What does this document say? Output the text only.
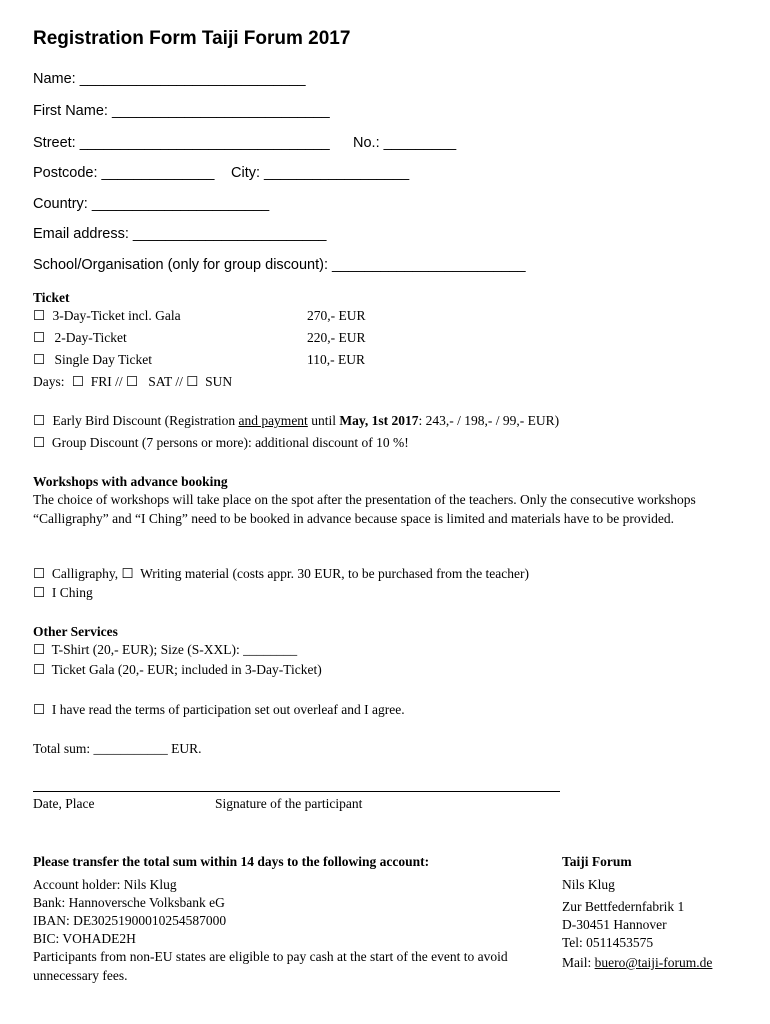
Registration Form Taiji Forum 2017
Name: ____________________________
First Name: ___________________________
Street: _______________________________ No.: _________
Postcode: ______________ City: __________________
Country: ______________________
Email address: ________________________
School/Organisation (only for group discount): ________________________
Ticket
☐ 3-Day-Ticket incl. Gala	270,- EUR
☐ 2-Day-Ticket	220,- EUR
☐ Single Day Ticket	110,- EUR
Days: ☐  FRI // ☐   SAT // ☐  SUN
☐ Early Bird Discount (Registration and payment until May, 1st 2017: 243,- / 198,- / 99,- EUR)
☐  Group Discount (7 persons or more): additional discount of 10 %!
Workshops with advance booking
The choice of workshops will take place on the spot after the presentation of the teachers. Only the consecutive workshops “Calligraphy” and “I Ching” need to be booked in advance because space is limited and materials have to be provided.
☐  Calligraphy, ☐  Writing material (costs appr. 30 EUR, to be purchased from the teacher)
☐  I Ching
Other Services
☐  T-Shirt (20,- EUR); Size (S-XXL): ________
☐  Ticket Gala (20,- EUR; included in 3-Day-Ticket)
☐  I have read the terms of participation set out overleaf and I agree.
Total sum: ___________ EUR.
Date, Place	Signature of the participant
Please transfer the total sum within 14 days to the following account:
Account holder: Nils Klug
Bank: Hannoversche Volksbank eG
IBAN: DE30251900010254587000
BIC: VOHADE2H
Participants from non-EU states are eligible to pay cash at the start of the event to avoid unnecessary fees.
Taiji Forum
Nils Klug
Zur Bettfedernfabrik 1
D-30451 Hannover
Tel: 0511453575
Mail: buero@taiji-forum.de
